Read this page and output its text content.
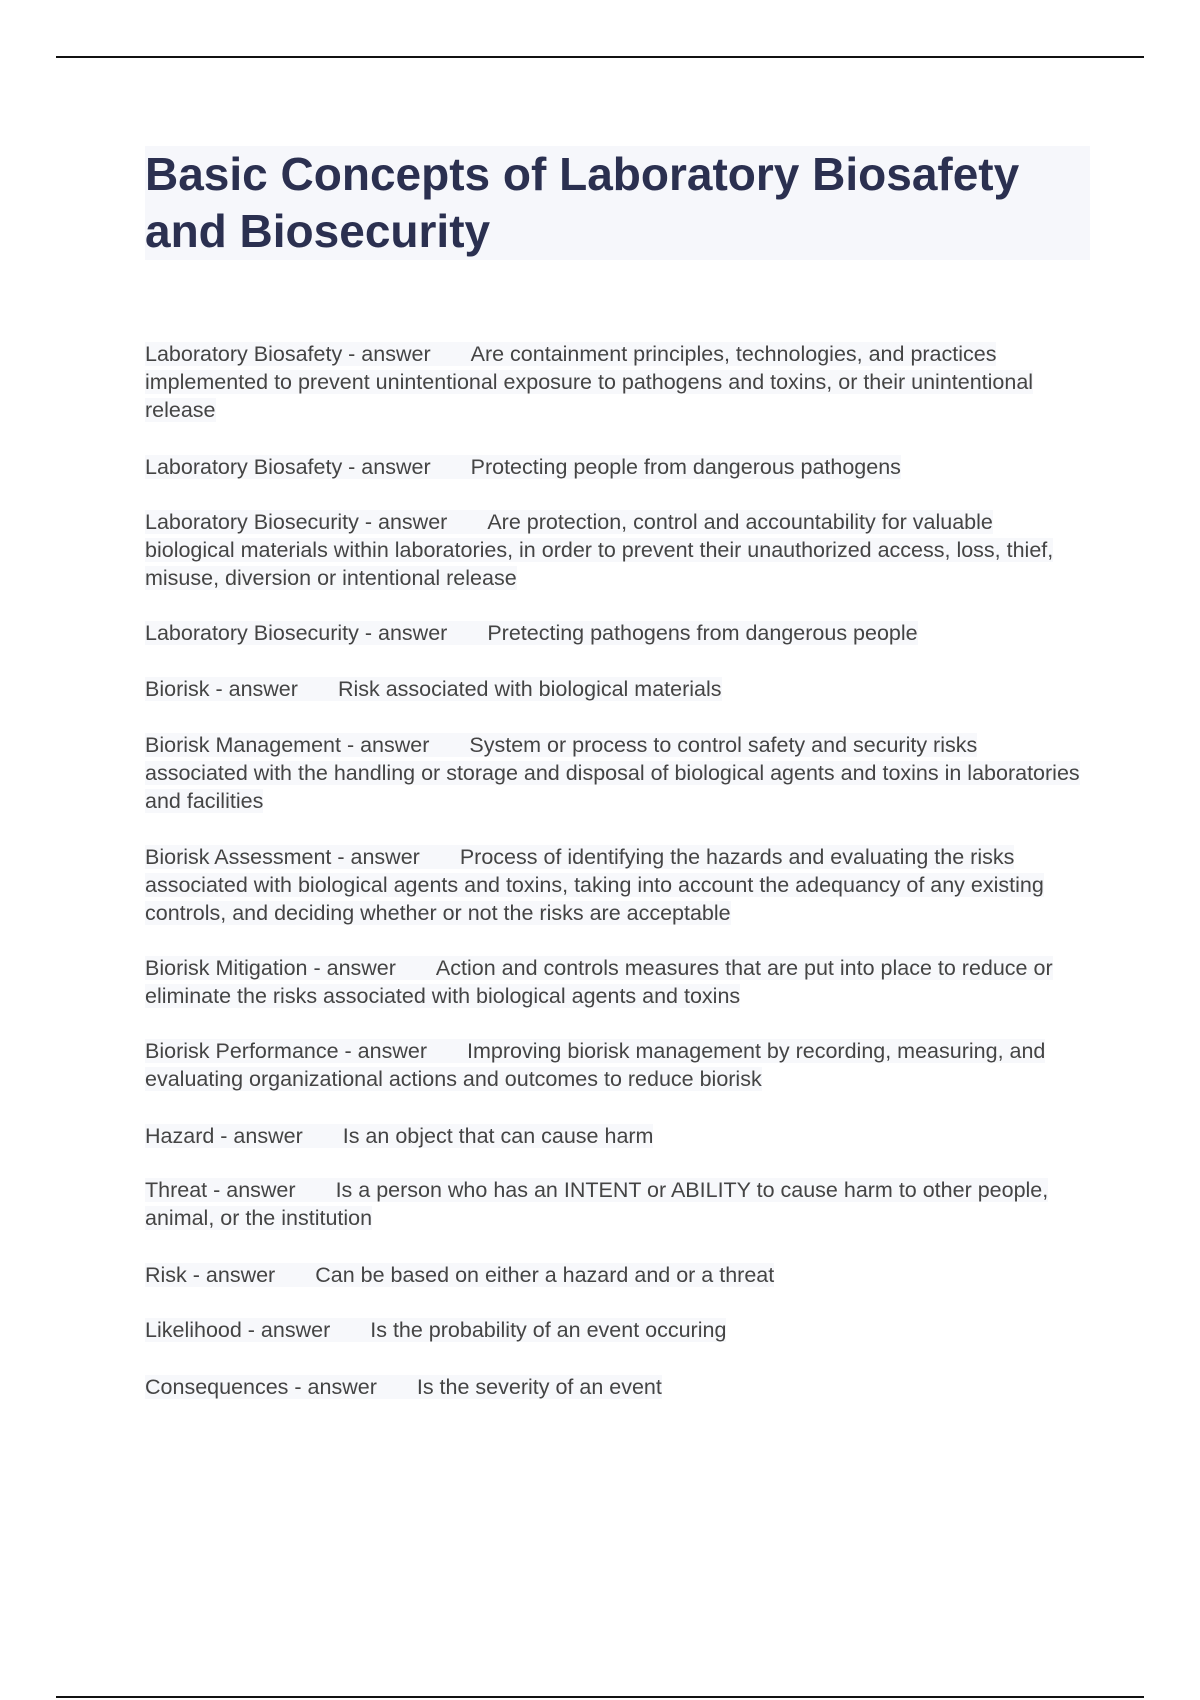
Basic Concepts of Laboratory Biosafety and Biosecurity
Laboratory Biosafety - answer Are containment principles, technologies, and practices implemented to prevent unintentional exposure to pathogens and toxins, or their unintentional release
Laboratory Biosafety - answer Protecting people from dangerous pathogens
Laboratory Biosecurity - answer Are protection, control and accountability for valuable biological materials within laboratories, in order to prevent their unauthorized access, loss, thief, misuse, diversion or intentional release
Laboratory Biosecurity - answer Pretecting pathogens from dangerous people
Biorisk - answer Risk associated with biological materials
Biorisk Management - answer System or process to control safety and security risks associated with the handling or storage and disposal of biological agents and toxins in laboratories and facilities
Biorisk Assessment - answer Process of identifying the hazards and evaluating the risks associated with biological agents and toxins, taking into account the adequancy of any existing controls, and deciding whether or not the risks are acceptable
Biorisk Mitigation - answer Action and controls measures that are put into place to reduce or eliminate the risks associated with biological agents and toxins
Biorisk Performance - answer Improving biorisk management by recording, measuring, and evaluating organizational actions and outcomes to reduce biorisk
Hazard - answer Is an object that can cause harm
Threat - answer Is a person who has an INTENT or ABILITY to cause harm to other people, animal, or the institution
Risk - answer Can be based on either a hazard and or a threat
Likelihood - answer Is the probability of an event occuring
Consequences - answer Is the severity of an event
